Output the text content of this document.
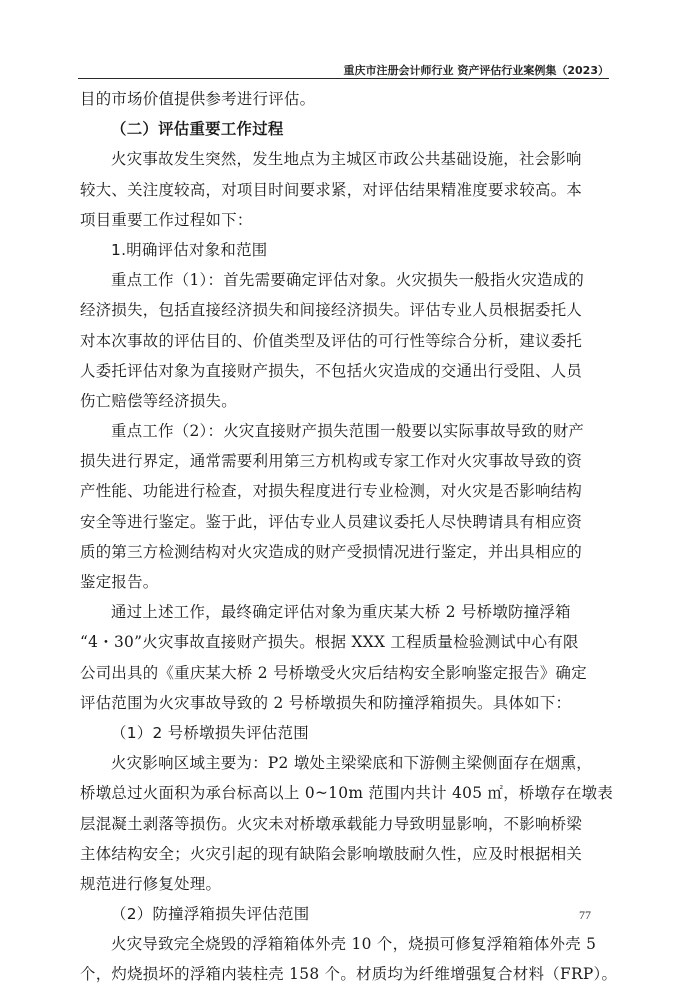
重庆市注册会计师行业 资产评估行业案例集（2023）
目的市场价值提供参考进行评估。
（二）评估重要工作过程
火灾事故发生突然，发生地点为主城区市政公共基础设施，社会影响
较大、关注度较高，对项目时间要求紧，对评估结果精准度要求较高。本
项目重要工作过程如下：
1.明确评估对象和范围
重点工作（1）：首先需要确定评估对象。火灾损失一般指火灾造成的
经济损失，包括直接经济损失和间接经济损失。评估专业人员根据委托人
对本次事故的评估目的、价值类型及评估的可行性等综合分析，建议委托
人委托评估对象为直接财产损失，不包括火灾造成的交通出行受阻、人员
伤亡赔偿等经济损失。
重点工作（2）：火灾直接财产损失范围一般要以实际事故导致的财产
损失进行界定，通常需要利用第三方机构或专家工作对火灾事故导致的资
产性能、功能进行检查，对损失程度进行专业检测，对火灾是否影响结构
安全等进行鉴定。鉴于此，评估专业人员建议委托人尽快聘请具有相应资
质的第三方检测结构对火灾造成的财产受损情况进行鉴定，并出具相应的
鉴定报告。
通过上述工作，最终确定评估对象为重庆某大桥 2 号桥墩防撞浮箱
“4・30”火灾事故直接财产损失。根据 XXX 工程质量检验测试中心有限
公司出具的《重庆某大桥 2 号桥墩受火灾后结构安全影响鉴定报告》确定
评估范围为火灾事故导致的 2 号桥墩损失和防撞浮箱损失。具体如下：
（1）2 号桥墩损失评估范围
火灾影响区域主要为：P2 墩处主梁梁底和下游侧主梁侧面存在烟熏，
桥墩总过火面积为承台标高以上 0~10m 范围内共计 405 ㎡，桥墩存在墩表
层混凝土剥落等损伤。火灾未对桥墩承载能力导致明显影响，不影响桥梁
主体结构安全；火灾引起的现有缺陷会影响墩肢耐久性，应及时根据相关
规范进行修复处理。
（2）防撞浮箱损失评估范围
火灾导致完全烧毁的浮箱箱体外壳 10 个，烧损可修复浮箱箱体外壳 5
个，灼烧损坏的浮箱内装柱壳 158 个。材质均为纤维增强复合材料（FRP）。
77
